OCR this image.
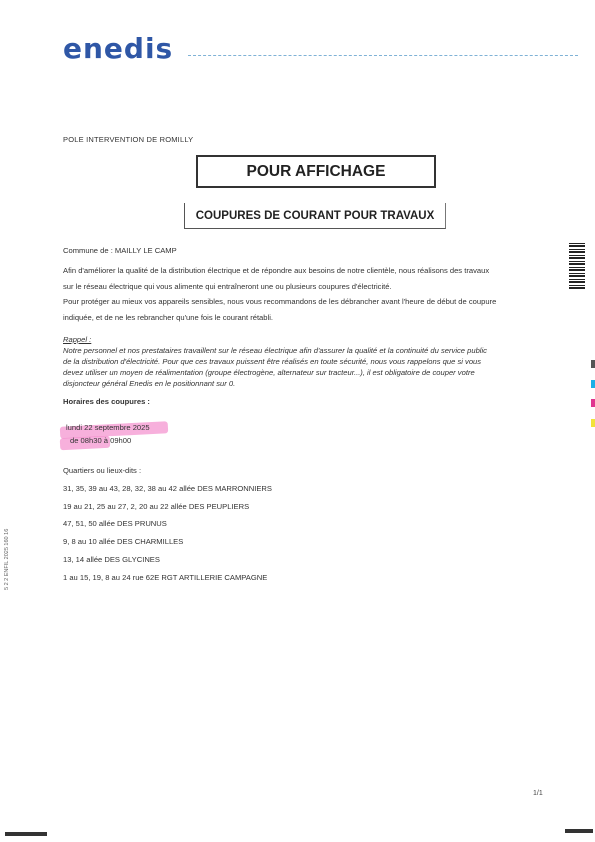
enedis
POLE INTERVENTION DE ROMILLY
POUR AFFICHAGE
COUPURES DE COURANT POUR TRAVAUX
Commune de : MAILLY LE CAMP
Afin d'améliorer la qualité de la distribution électrique et de répondre aux besoins de notre clientèle, nous réalisons des travaux
sur le réseau électrique qui vous alimente qui entraîneront une ou plusieurs coupures d'électricité.
Pour protéger au mieux vos appareils sensibles, nous vous recommandons de les débrancher avant l'heure de début de coupure
indiquée, et de ne les rebrancher qu'une fois le courant rétabli.
Rappel :
Notre personnel et nos prestataires travaillent sur le réseau électrique afin d'assurer la qualité et la continuité du service public
de la distribution d'électricité. Pour que ces travaux puissent être réalisés en toute sécurité, nous vous rappelons que si vous
devez utiliser un moyen de réalimentation (groupe électrogène, alternateur sur tracteur...), il est obligatoire de couper votre
disjoncteur général Enedis en le positionnant sur 0.
Horaires des coupures :
lundi 22 septembre 2025
de 08h30 à 09h00
Quartiers ou lieux-dits :
31, 35, 39 au 43, 28, 32, 38 au 42 allée DES MARRONNIERS
19 au 21, 25 au 27, 2, 20 au 22 allée DES PEUPLIERS
47, 51, 50 allée DES PRUNUS
9, 8 au 10 allée DES CHARMILLES
13, 14 allée DES GLYCINES
1 au 15, 19, 8 au 24 rue 62E RGT ARTILLERIE CAMPAGNE
5 2 2 ENFIL 2025 160 16
1/1
